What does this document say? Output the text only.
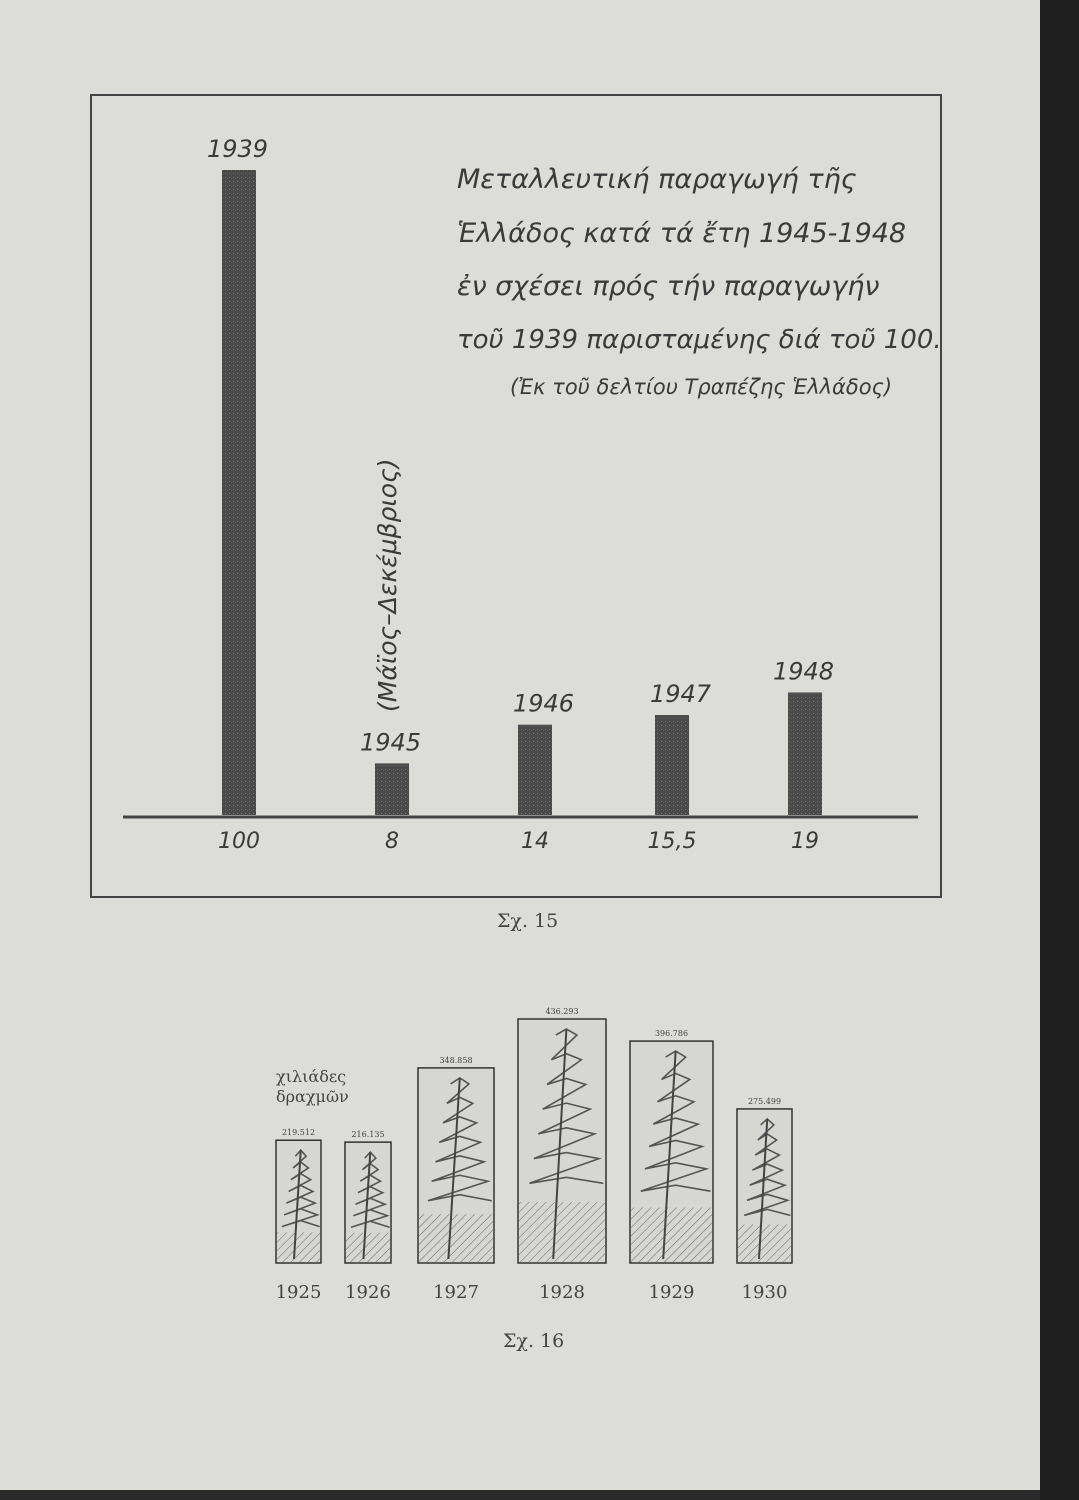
1939
100
1945
8
1946
14
1947
15,5
1948
19
Μεταλλευτική παραγωγή τῆς
Ἑλλάδος κατά τά ἔτη 1945-1948
ἐν σχέσει πρός τήν παραγωγήν
τοῦ 1939 παρισταμένης διά τοῦ 100.
(Ἐκ τοῦ δελτίου Τραπέζης Ἑλλάδος)
(Μάϊος–Δεκέμβριος)
Σχ. 15
χιλιάδες
δραχμῶν
219.512
1925
216.135
1926
348.858
1927
436.293
1928
396.786
1929
275.499
1930
Σχ. 16
